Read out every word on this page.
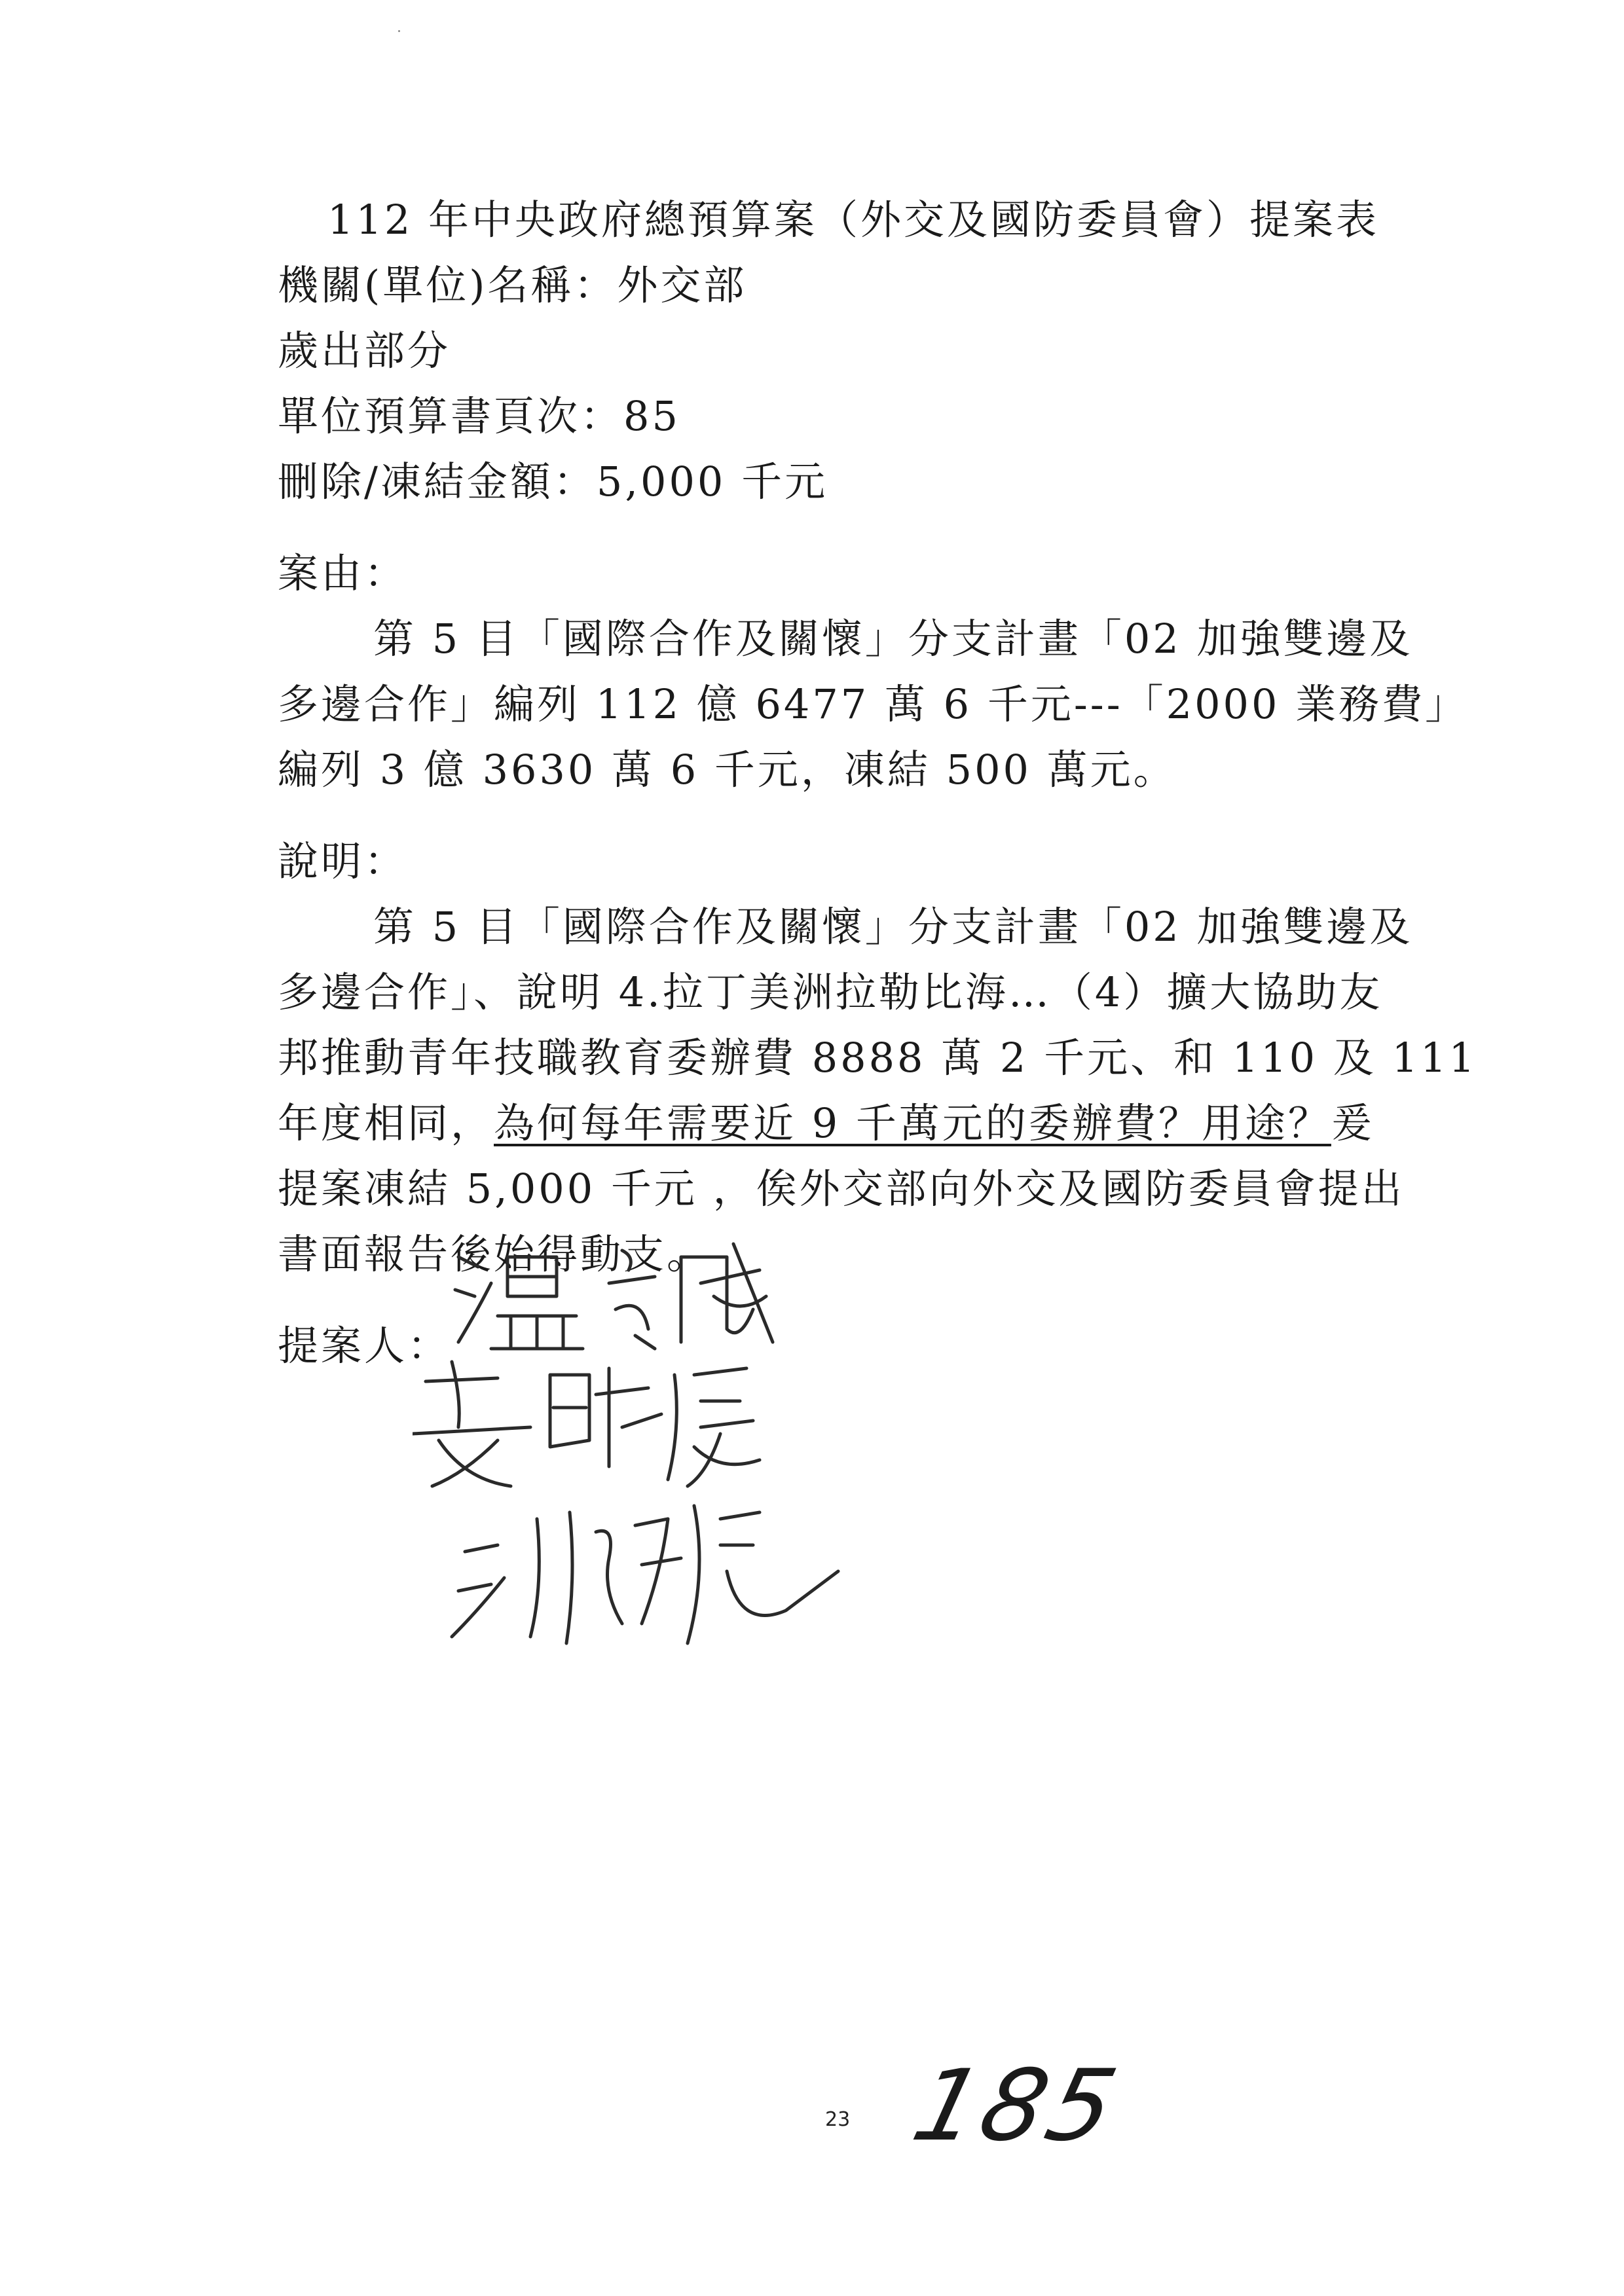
112 年中央政府總預算案（外交及國防委員會）提案表
機關(單位)名稱：外交部
歲出部分
單位預算書頁次：85
刪除/凍結金額：5,000 千元
案由：
第 5 目「國際合作及關懷」分支計畫「02 加強雙邊及
多邊合作」編列 112 億 6477 萬 6 千元---「2000 業務費」
編列 3 億 3630 萬 6 千元，凍結 500 萬元。
說明：
第 5 目「國際合作及關懷」分支計畫「02 加強雙邊及
多邊合作」、說明 4.拉丁美洲拉勒比海…（4）擴大協助友
邦推動青年技職教育委辦費 8888 萬 2 千元、和 110 及 111
年度相同，為何每年需要近 9 千萬元的委辦費？用途？爰
提案凍結 5,000 千元 ，俟外交部向外交及國防委員會提出
書面報告後始得動支。
提案人：
23 185
